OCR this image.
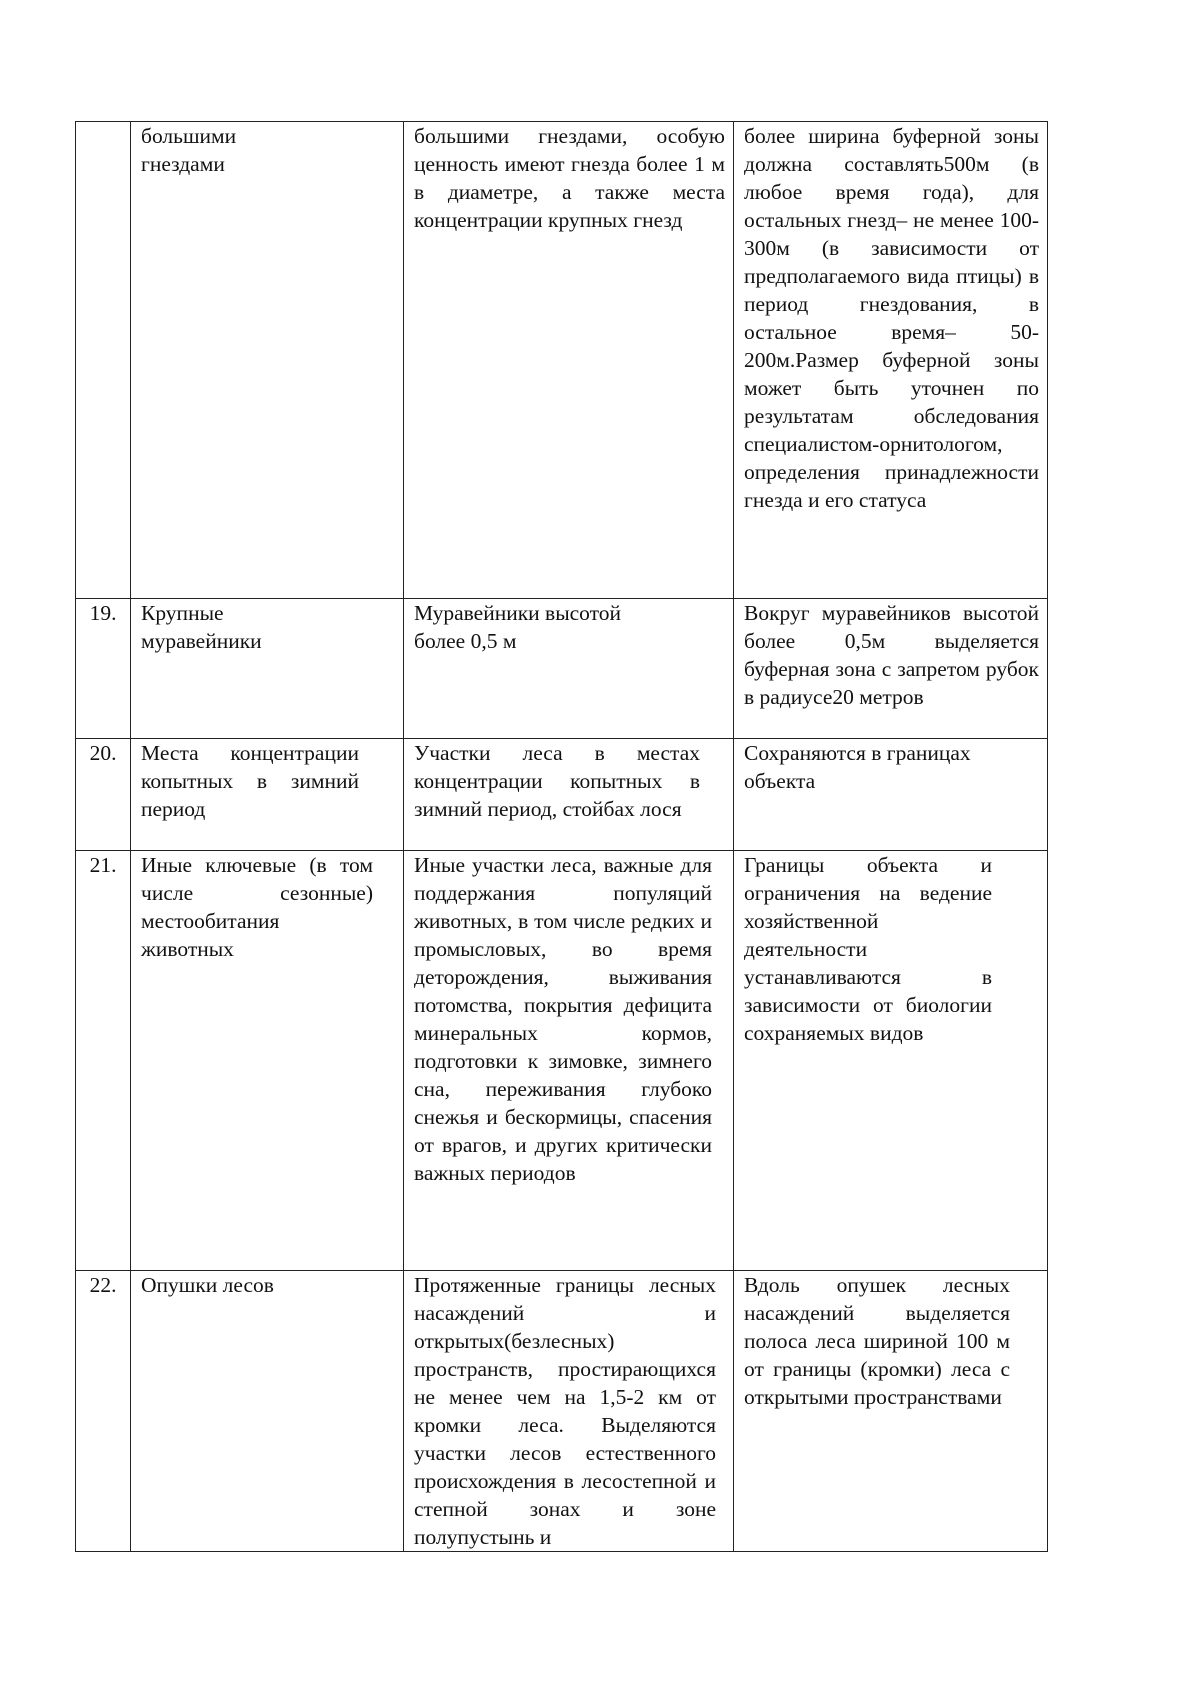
	большими гнездами	большими гнездами, особую ценность имеют гнезда более 1 м в диаметре, а также места концентрации крупных гнезд	более ширина буферной зоны должна составлять500м (в любое время года), для остальных гнезд– не менее 100-300м (в зависимости от предполагаемого вида птицы) в период гнездования, в остальное время– 50-200м.Размер буферной зоны может быть уточнен по результатам обследования специалистом-орнитологом, определения принадлежности гнезда и его статуса

19.	Крупные муравейники	Муравейники высотой более 0,5 м	Вокруг муравейников высотой более 0,5м выделяется буферная зона с запретом рубок в радиусе20 метров

20.	Места концентрации копытных в зимний период	Участки леса в местах концентрации копытных в зимний период, стойбах лося	Сохраняются в границах объекта

21.	Иные ключевые (в том числе сезонные) местообитания животных	Иные участки леса, важные для поддержания популяций животных, в том числе редких и промысловых, во время деторождения, выживания потомства, покрытия дефицита минеральных кормов, подготовки к зимовке, зимнего сна, переживания глубоко снежья и бескормицы, спасения от врагов, и других критически важных периодов	Границы объекта и ограничения на ведение хозяйственной деятельности устанавливаются в зависимости от биологии сохраняемых видов

22.	Опушки лесов	Протяженные границы лесных насаждений и открытых(безлесных) пространств, простирающихся не менее чем на 1,5-2 км от кромки леса. Выделяются участки лесов естественного происхождения в лесостепной и степной зонах и зоне полупустынь и	Вдоль опушек лесных насаждений выделяется полоса леса шириной 100 м от границы (кромки) леса с открытыми пространствами
